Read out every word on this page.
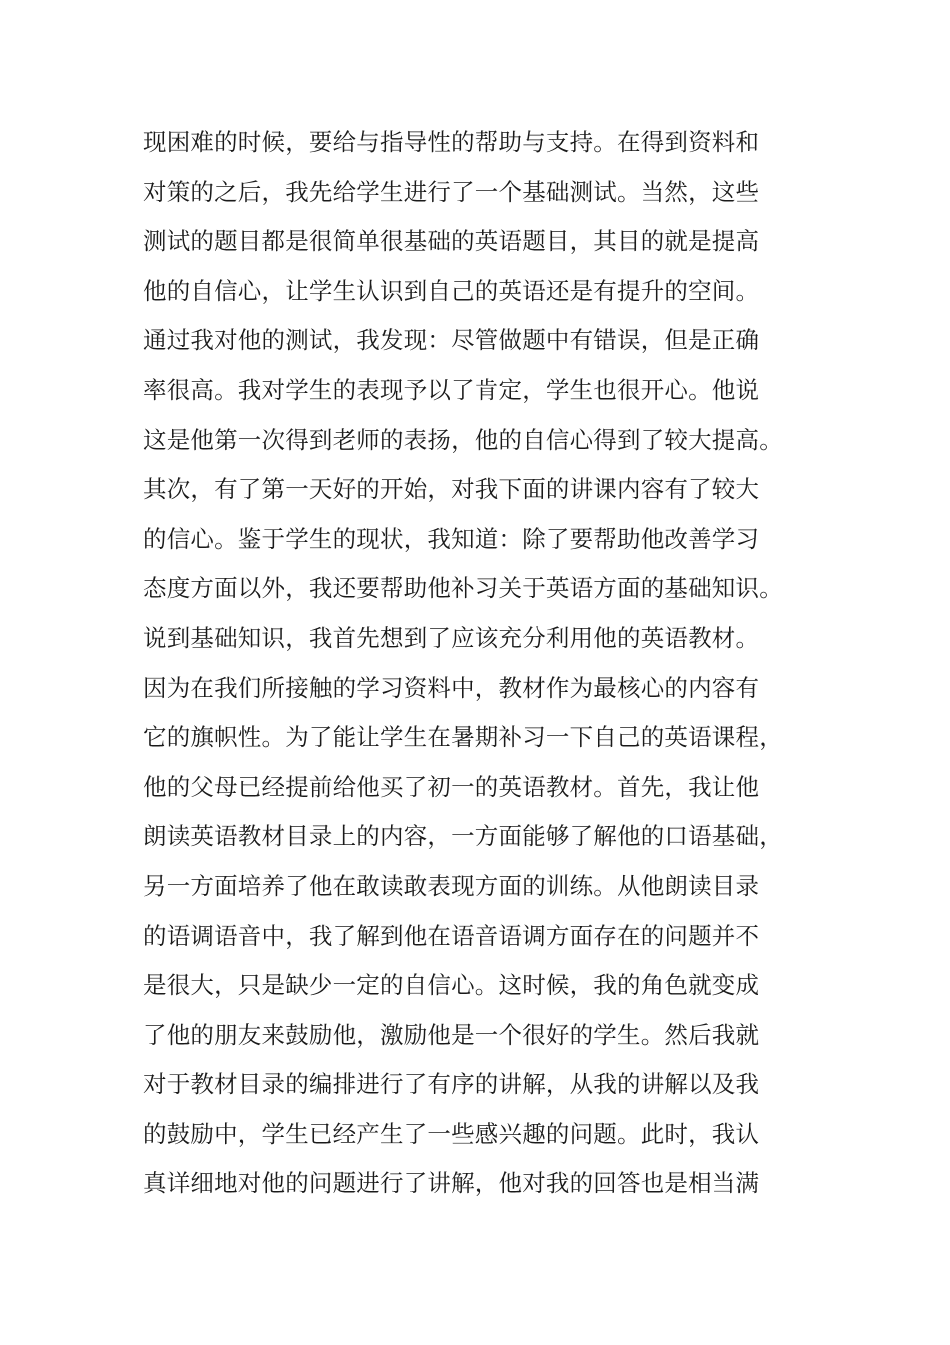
现困难的时候，要给与指导性的帮助与支持。在得到资料和
对策的之后，我先给学生进行了一个基础测试。当然，这些
测试的题目都是很简单很基础的英语题目，其目的就是提高
他的自信心，让学生认识到自己的英语还是有提升的空间。
通过我对他的测试，我发现：尽管做题中有错误，但是正确
率很高。我对学生的表现予以了肯定，学生也很开心。他说
这是他第一次得到老师的表扬，他的自信心得到了较大提高。
其次，有了第一天好的开始，对我下面的讲课内容有了较大
的信心。鉴于学生的现状，我知道：除了要帮助他改善学习
态度方面以外，我还要帮助他补习关于英语方面的基础知识。
说到基础知识，我首先想到了应该充分利用他的英语教材。
因为在我们所接触的学习资料中，教材作为最核心的内容有
它的旗帜性。为了能让学生在暑期补习一下自己的英语课程，
他的父母已经提前给他买了初一的英语教材。首先，我让他
朗读英语教材目录上的内容，一方面能够了解他的口语基础，
另一方面培养了他在敢读敢表现方面的训练。从他朗读目录
的语调语音中，我了解到他在语音语调方面存在的问题并不
是很大，只是缺少一定的自信心。这时候，我的角色就变成
了他的朋友来鼓励他，激励他是一个很好的学生。然后我就
对于教材目录的编排进行了有序的讲解，从我的讲解以及我
的鼓励中，学生已经产生了一些感兴趣的问题。此时，我认
真详细地对他的问题进行了讲解，他对我的回答也是相当满
